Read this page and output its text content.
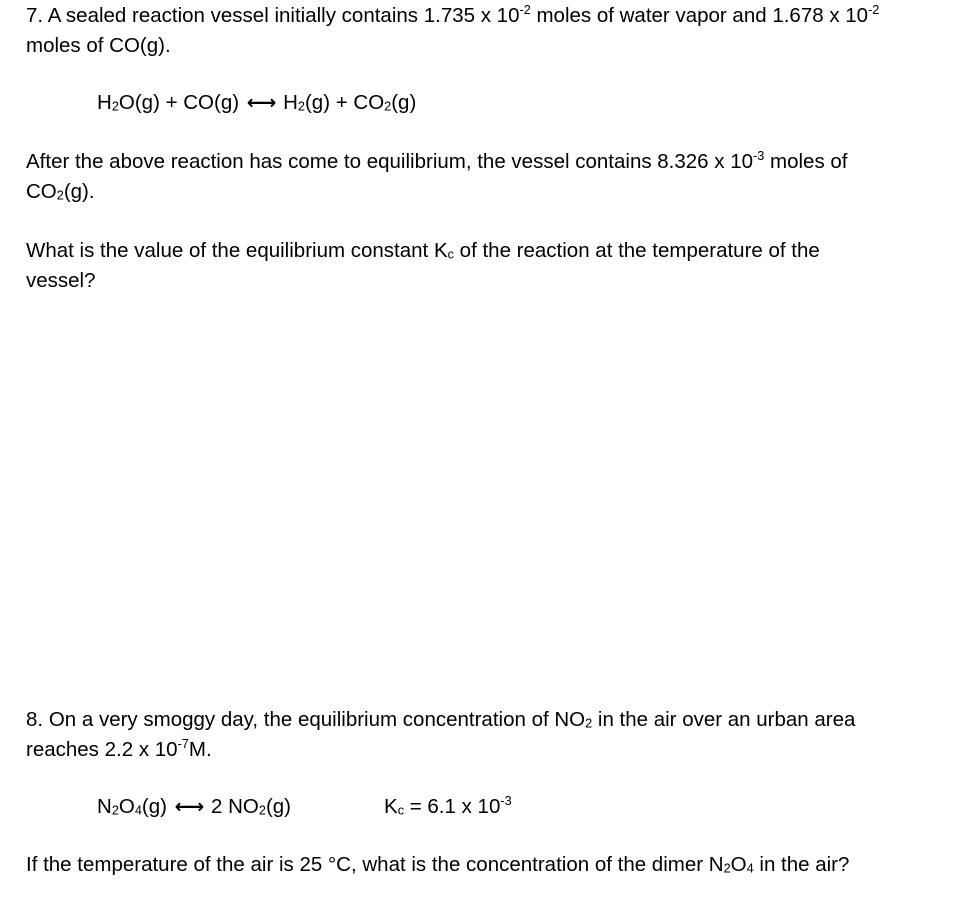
7. A sealed reaction vessel initially contains 1.735 x $10^{-2}$ moles of water vapor and 1.678 x $10^{-2}$
moles of CO(g).

$H_2O(g) + CO(g)$ ←→ $H_2(g) + CO_2(g)$

After the above reaction has come to equilibrium, the vessel contains 8.326 x $10^{-3}$ moles of
$CO_2(g)$.

What is the value of the equilibrium constant $K_c$ of the reaction at the temperature of the
vessel?

8. On a very smoggy day, the equilibrium concentration of $NO_2$ in the air over an urban area
reaches 2.2 x $10^{-7}M$.

$N_2O_4(g)$ ←→ 2 $NO_2(g)$	Kc = 6.1 x $10^{-3}$

If the temperature of the air is 25 °C, what is the concentration of the dimer $N_2O_4$ in the air?
